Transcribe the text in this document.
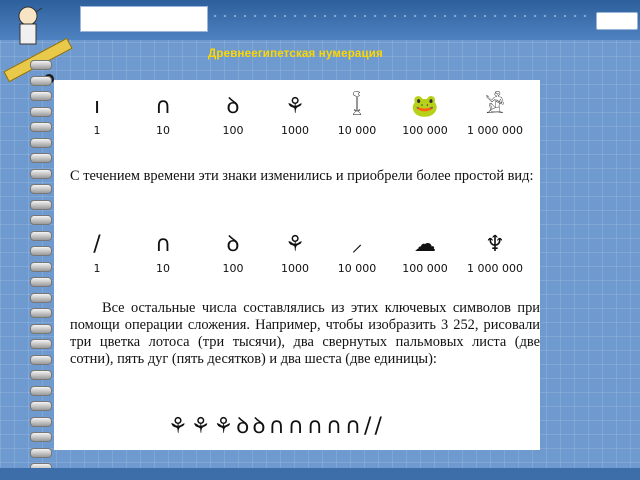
Древнеегипетская нумерация
ı
1
∩
10
ꝺ
100
⚘
1000
𓆼
10 000
🐸
100 000
𓀀
1 000 000
С течением времени эти знаки изменились и приобрели более простой вид:
/
1
∩
10
ꝺ
100
⚘
1000
⸝
10 000
☁
100 000
♆
1 000 000
Все остальные числа составлялись из этих ключевых символов при помощи операции сложения. Например, чтобы изобразить 3 252, рисовали три цветка лотоса (три тысячи), два свернутых пальмовых листа (две сотни), пять дуг (пять десятков) и два шеста (две единицы):
⚘⚘⚘ꝺꝺ∩∩∩∩∩//
